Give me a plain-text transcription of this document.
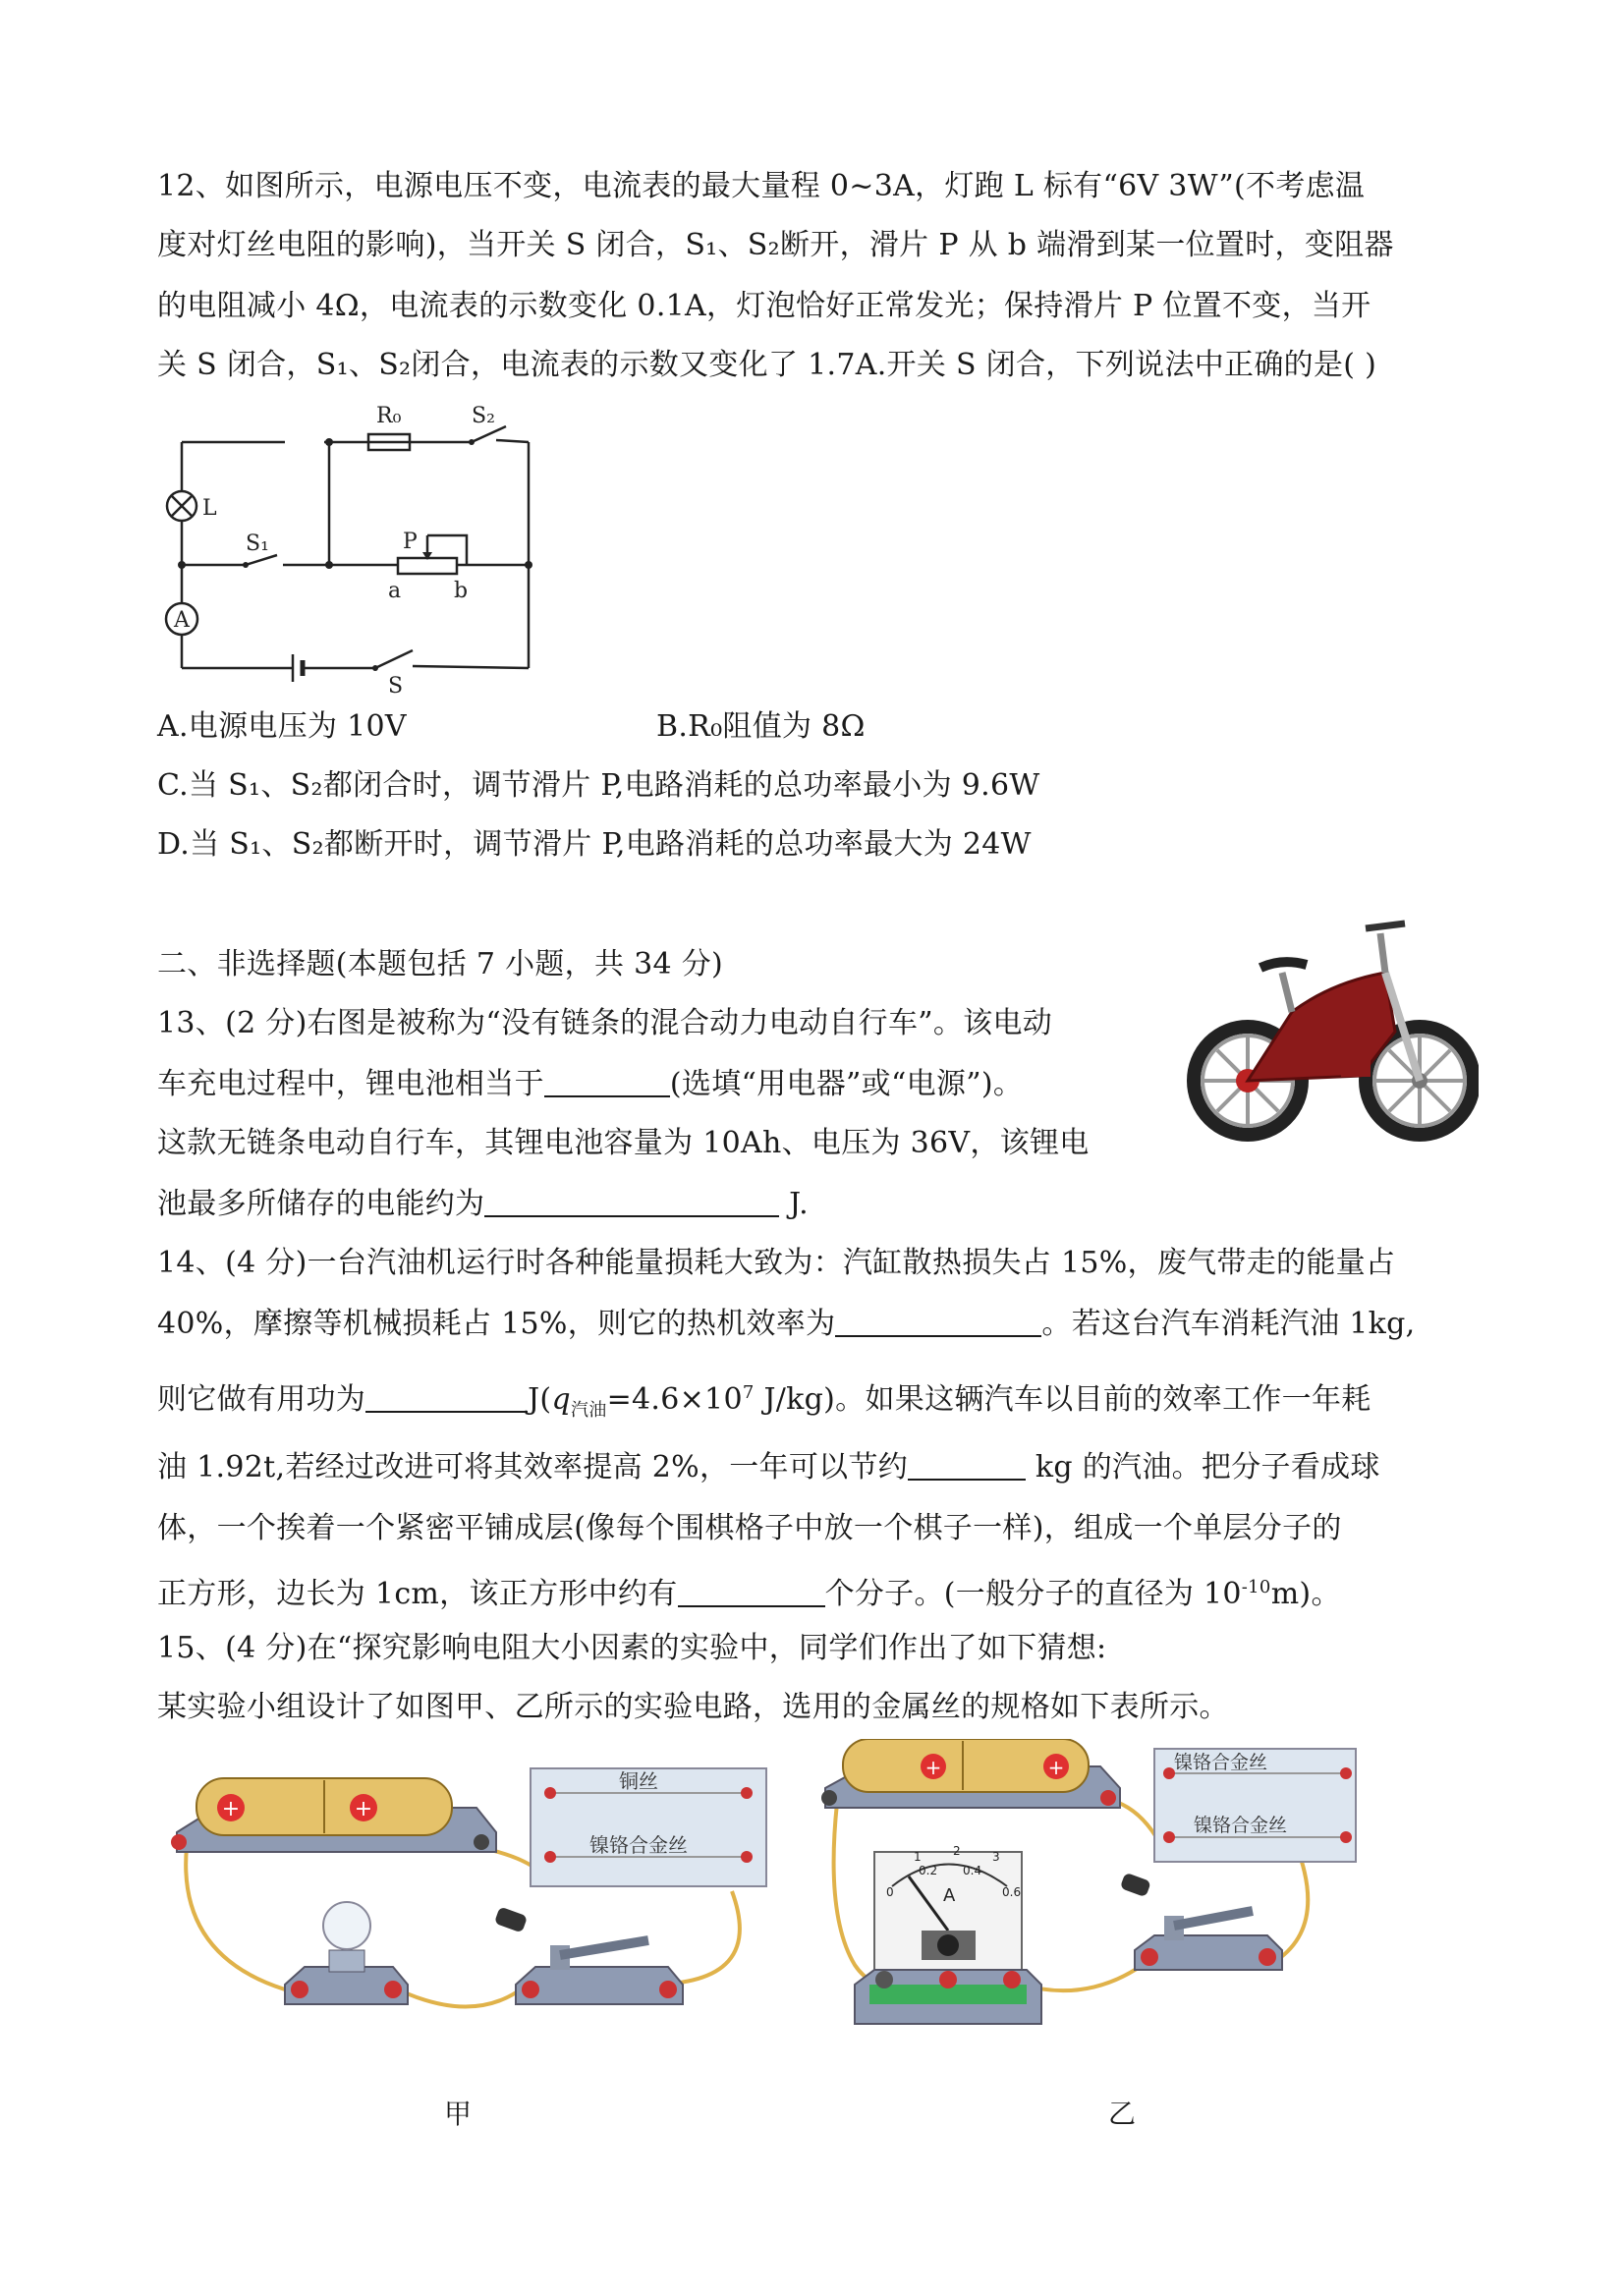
12、如图所示，电源电压不变，电流表的最大量程 0~3A，灯跑 L 标有“6V 3W”(不考虑温
度对灯丝电阻的影响)，当开关 S 闭合，S₁、S₂断开，滑片 P 从 b 端滑到某一位置时，变阻器
的电阻减小 4Ω，电流表的示数变化 0.1A，灯泡恰好正常发光；保持滑片 P 位置不变，当开
关 S 闭合，S₁、S₂闭合，电流表的示数又变化了 1.7A.开关 S 闭合，下列说法中正确的是( )
R₀	S₂
L
S₁	P
a b
A
S
A.电源电压为 10V	B.R₀阻值为 8Ω
C.当 S₁、S₂都闭合时，调节滑片 P,电路消耗的总功率最小为 9.6W
D.当 S₁、S₂都断开时，调节滑片 P,电路消耗的总功率最大为 24W
二、非选择题(本题包括 7 小题，共 34 分)
13、(2 分)右图是被称为“没有链条的混合动力电动自行车”。该电动
车充电过程中，锂电池相当于	(选填“用电器”或“电源”)。
这款无链条电动自行车，其锂电池容量为 10Ah、电压为 36V，该锂电
池最多所储存的电能约为	J.
14、(4 分)一台汽油机运行时各种能量损耗大致为：汽缸散热损失占 15%，废气带走的能量占
40%，摩擦等机械损耗占 15%，则它的热机效率为	。若这台汽车消耗汽油 1kg,
则它做有用功为	$J(q_{汽油}=4.6\times 10^7$ J/kg)。如果这辆汽车以目前的效率工作一年耗
油 1.92t,若经过改进可将其效率提高 2%，一年可以节约	kg 的汽油。把分子看成球
体，一个挨着一个紧密平铺成层(像每个围棋格子中放一个棋子一样)，组成一个单层分子的
正方形，边长为 1cm，该正方形中约有	个分子。(一般分子的直径为 $10^{-10}m$)。
15、(4 分)在“探究影响电阻大小因素的实验中，同学们作出了如下猜想:
某实验小组设计了如图甲、乙所示的实验电路，选用的金属丝的规格如下表所示。
+	+
铜丝
镍铬合金丝
甲
+	+	镍铬合金丝
镍铬合金丝
A
0
0.2 0.4
0.6
1	2	3
乙
